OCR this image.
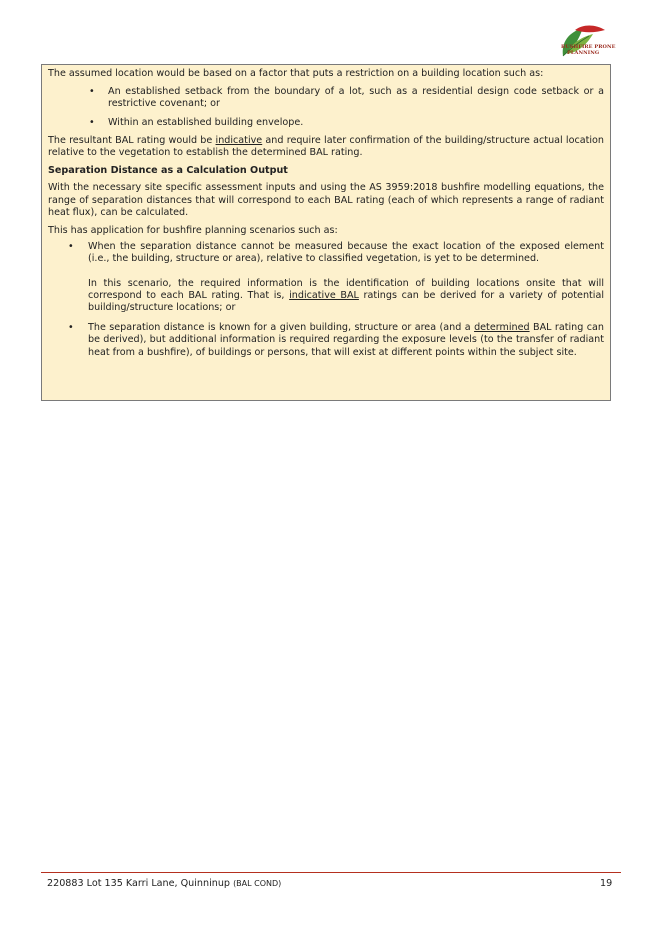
BUSHFIRE PRONE
PLANNING

The assumed location would be based on a factor that puts a restriction on a building location such as:

• An established setback from the boundary of a lot, such as a residential design code setback or a restrictive covenant; or
• Within an established building envelope.

The resultant BAL rating would be indicative and require later confirmation of the building/structure actual location relative to the vegetation to establish the determined BAL rating.

Separation Distance as a Calculation Output

With the necessary site specific assessment inputs and using the AS 3959:2018 bushfire modelling equations, the range of separation distances that will correspond to each BAL rating (each of which represents a range of radiant heat flux), can be calculated.

This has application for bushfire planning scenarios such as:

• When the separation distance cannot be measured because the exact location of the exposed element (i.e., the building, structure or area), relative to classified vegetation, is yet to be determined.

In this scenario, the required information is the identification of building locations onsite that will correspond to each BAL rating. That is, indicative BAL ratings can be derived for a variety of potential building/structure locations; or

• The separation distance is known for a given building, structure or area (and a determined BAL rating can be derived), but additional information is required regarding the exposure levels (to the transfer of radiant heat from a bushfire), of buildings or persons, that will exist at different points within the subject site.

220883 Lot 135 Karri Lane, Quinninup (BAL COND)	19
